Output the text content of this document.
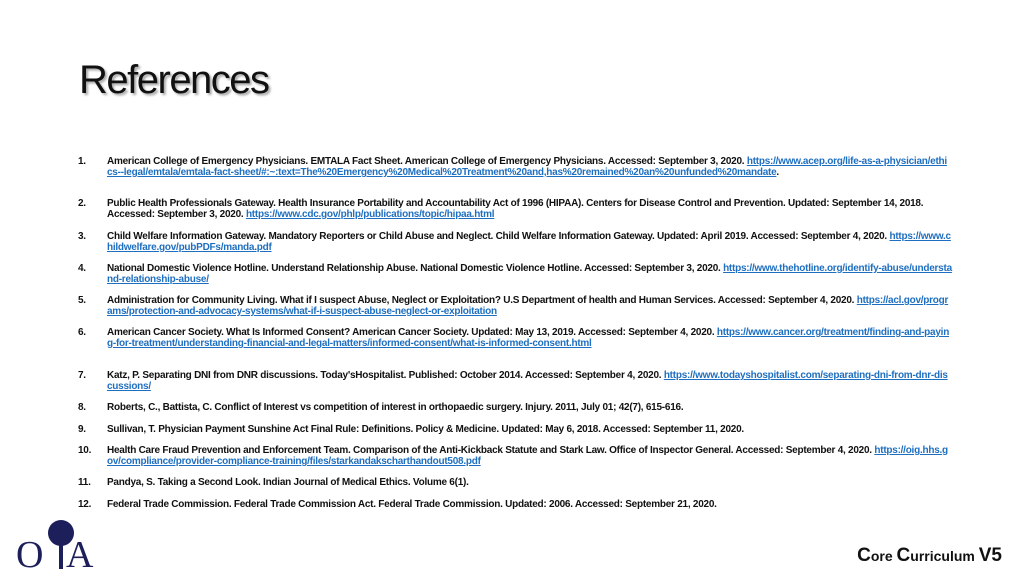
References
1.	American College of Emergency Physicians. EMTALA Fact Sheet. American College of Emergency Physicians. Accessed: September 3, 2020. https://www.acep.org/life-as-a-physician/ethics--legal/emtala/emtala-fact-sheet/#:~:text=The%20Emergency%20Medical%20Treatment%20and,has%20remained%20an%20unfunded%20mandate.
2.	Public Health Professionals Gateway. Health Insurance Portability and Accountability Act of 1996 (HIPAA). Centers for Disease Control and Prevention. Updated: September 14, 2018. Accessed: September 3, 2020. https://www.cdc.gov/phlp/publications/topic/hipaa.html
3.	Child Welfare Information Gateway. Mandatory Reporters or Child Abuse and Neglect. Child Welfare Information Gateway. Updated: April 2019. Accessed: September 4, 2020. https://www.childwelfare.gov/pubPDFs/manda.pdf
4.	National Domestic Violence Hotline. Understand Relationship Abuse. National Domestic Violence Hotline. Accessed: September 3, 2020. https://www.thehotline.org/identify-abuse/understand-relationship-abuse/
5.	Administration for Community Living. What if I suspect Abuse, Neglect or Exploitation? U.S Department of health and Human Services. Accessed: September 4, 2020. https://acl.gov/programs/protection-and-advocacy-systems/what-if-i-suspect-abuse-neglect-or-exploitation
6.	American Cancer Society. What Is Informed Consent? American Cancer Society. Updated: May 13, 2019. Accessed: September 4, 2020. https://www.cancer.org/treatment/finding-and-paying-for-treatment/understanding-financial-and-legal-matters/informed-consent/what-is-informed-consent.html
7.	Katz, P. Separating DNI from DNR discussions. Today'sHospitalist. Published: October 2014. Accessed: September 4, 2020. https://www.todayshospitalist.com/separating-dni-from-dnr-discussions/
8.	Roberts, C., Battista, C. Conflict of Interest vs competition of interest in orthopaedic surgery. Injury. 2011, July 01; 42(7), 615-616.
9.	Sullivan, T. Physician Payment Sunshine Act Final Rule: Definitions. Policy & Medicine. Updated: May 6, 2018. Accessed: September 11, 2020.
10.	Health Care Fraud Prevention and Enforcement Team. Comparison of the Anti-Kickback Statute and Stark Law. Office of Inspector General. Accessed: September 4, 2020. https://oig.hhs.gov/compliance/provider-compliance-training/files/starkandakscharthandout508.pdf
11.	Pandya, S. Taking a Second Look. Indian Journal of Medical Ethics. Volume 6(1).
12.	Federal Trade Commission. Federal Trade Commission Act. Federal Trade Commission. Updated: 2006. Accessed: September 21, 2020.
O A	Core Curriculum V5
